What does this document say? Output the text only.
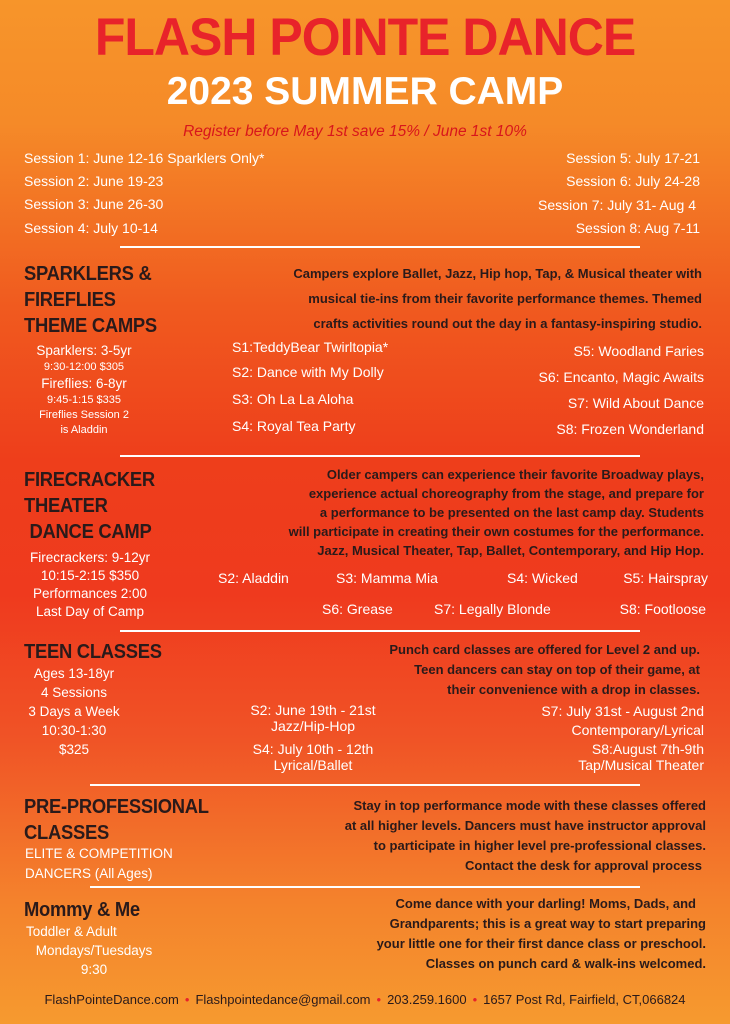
FLASH POINTE DANCE
2023 SUMMER CAMP
Register before May 1st save 15% / June 1st 10%
Session 1: June 12-16 Sparklers Only*
Session 2: June 19-23
Session 3: June 26-30
Session 4: July 10-14
Session 5: July 17-21
Session 6: July 24-28
Session 7: July 31- Aug 4
Session 8: Aug 7-11
SPARKLERS &
FIREFLIES
THEME CAMPS
Sparklers: 3-5yr
9:30-12:00 $305
Fireflies: 6-8yr
9:45-1:15 $335
Fireflies Session 2
is Aladdin
Campers explore Ballet, Jazz, Hip hop, Tap, & Musical theater with
musical tie-ins from their favorite performance themes. Themed
crafts activities round out the day in a fantasy-inspiring studio.
S1:TeddyBear Twirltopia*
S2: Dance with My Dolly
S3: Oh La La Aloha
S4: Royal Tea Party
S5: Woodland Faries
S6: Encanto, Magic Awaits
S7: Wild About Dance
S8: Frozen Wonderland
FIRECRACKER
THEATER
DANCE CAMP
Firecrackers: 9-12yr
10:15-2:15 $350
Performances 2:00
Last Day of Camp
Older campers can experience their favorite Broadway plays,
experience actual choreography from the stage, and prepare for
a performance to be presented on the last camp day. Students
will participate in creating their own costumes for the performance.
Jazz, Musical Theater, Tap, Ballet, Contemporary, and Hip Hop.
S2: Aladdin	S3: Mamma Mia	S4: Wicked	S5: Hairspray
S6: Grease	S7: Legally Blonde	S8: Footloose
TEEN CLASSES
Ages 13-18yr
4 Sessions
3 Days a Week
10:30-1:30
$325
Punch card classes are offered for Level 2 and up.
Teen dancers can stay on top of their game, at
their convenience with a drop in classes.
S2: June 19th - 21st
Jazz/Hip-Hop
S4: July 10th - 12th
Lyrical/Ballet
S7: July 31st - August 2nd
Contemporary/Lyrical
S8:August 7th-9th
Tap/Musical Theater
PRE-PROFESSIONAL
CLASSES
ELITE & COMPETITION
DANCERS (All Ages)
Stay in top performance mode with these classes offered
at all higher levels. Dancers must have instructor approval
to participate in higher level pre-professional classes.
Contact the desk for approval process
Mommy & Me
Toddler & Adult
Mondays/Tuesdays
9:30
Come dance with your darling! Moms, Dads, and
Grandparents; this is a great way to start preparing
your little one for their first dance class or preschool.
Classes on punch card & walk-ins welcomed.
FlashPointeDance.com • Flashpointedance@gmail.com • 203.259.1600 • 1657 Post Rd, Fairfield, CT,066824
